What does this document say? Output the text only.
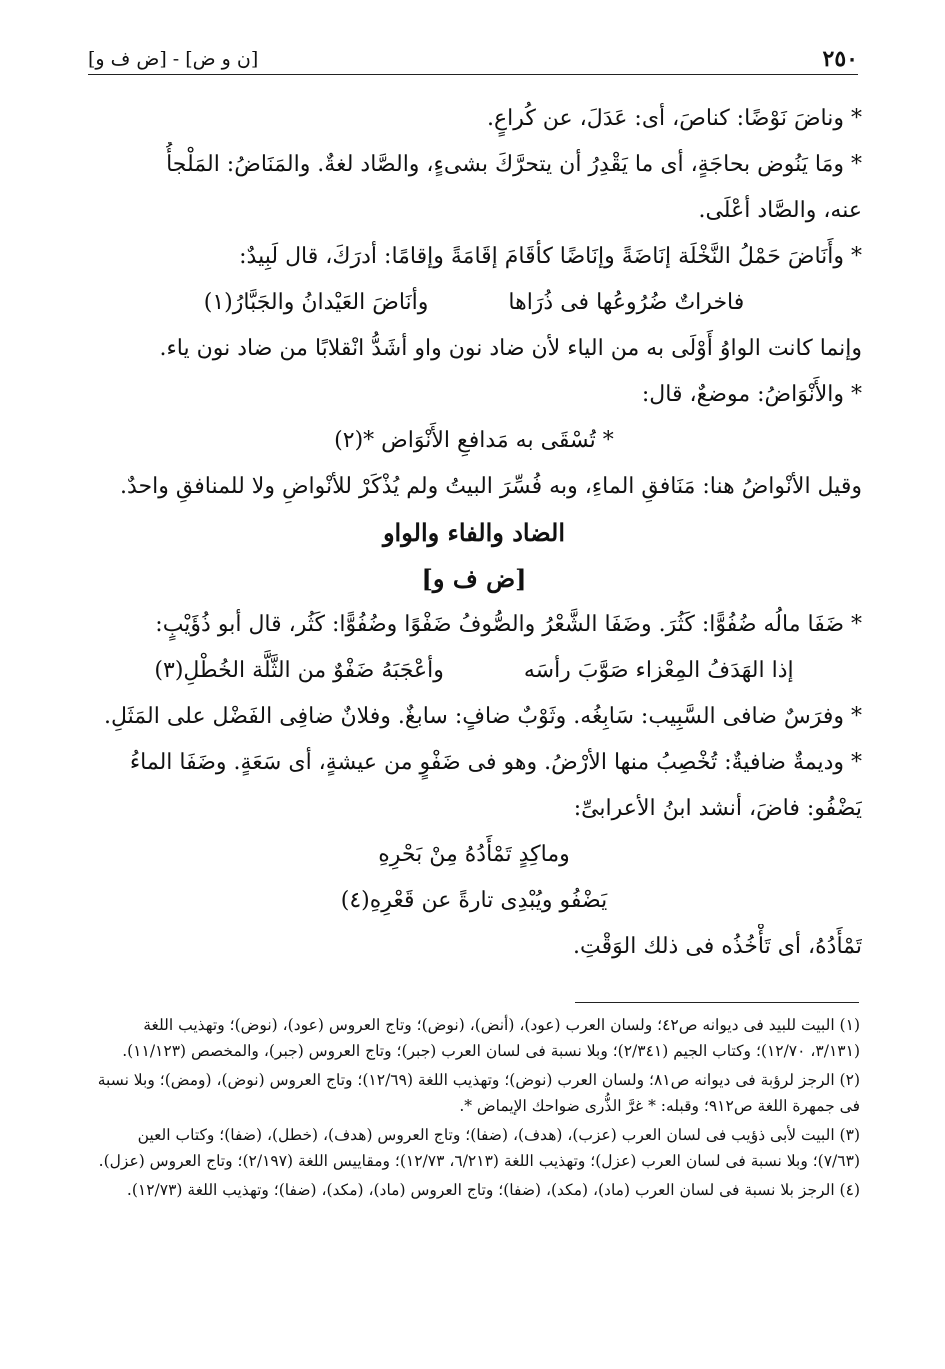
٢٥٠
[ن و ض] - [ض ف و]
* وناضَ نَوْضًا: كناصَ، أى: عَدَلَ، عن كُراعٍ.
* ومَا يَنُوض بحاجَةٍ، أى ما يَقْدِرُ أن يتحرَّكَ بشىءٍ، والصَّاد لغةٌ. والمَنَاضُ: المَلْجأُ
عنه، والصَّاد أعْلَى.
* وأَنَاضَ حَمْلُ النَّخْلَة إنَاضَةً وإنَاضًا كأقَامَ إقَامَةً وإقامًا: أدرَكَ، قال لَبِيدٌ:
فاخراتٌ ضُرُوعُها فى ذُرَاها
وأنَاضَ العَيْدانُ والجَبَّارُ(١)
وإنما كانت الواوُ أَوْلَى به من الياء لأن ضاد نون واو أشَدُّ انْقلابًا من ضاد نون ياء.
* والأَنْوَاضُ: موضعٌ، قال:
* تُسْقَى به مَدافعِ الأَنْوَاض *(٢)
وقيل الأنْواضُ هنا: مَنَافقِ الماءِ، وبه فُسِّرَ البيتُ ولم يُذْكَرْ للأنْواضِ ولا للمنافقِ واحدٌ.
الضاد والفاء والواو
[ض ف و]
* ضَفَا مالُه ضُفُوًّا: كَثُرَ. وضَفَا الشَّعْرُ والصُّوفُ ضَفْوًا وضُفُوًّا: كَثُر، قال أبو ذُؤَيْبٍ:
إذا الهَدَفُ المِعْزاء صَوَّبَ رأسَه
وأعْجَبَهُ ضَفْوٌ من الثَّلَّة الخُطْلِ(٣)
* وفرَسٌ ضافى السَّبِيب: سَابِغُه. وثَوْبٌ ضافٍ: سابغٌ. وفلانٌ ضافِى الفَضْل على المَثَلِ.
* وديمةٌ ضافيةٌ: تُخْصِبُ منها الأرْضُ. وهو فى ضَفْوٍ من عيشةٍ، أى سَعَةٍ. وضَفَا الماءُ
يَضْفُو: فاضَ، أنشد ابنُ الأعرابىِّ:
وماكِدٍ تَمْأَدُهُ مِنْ بَحْرِهِ
يَضْفُو ويُبْدِى تارةً عن قَعْرِهِ(٤)
تَمْأَدُهُ، أى تَأْخُذُه فى ذلك الوَقْتِ.

(١) البيت للبيد فى ديوانه ص٤٢؛ ولسان العرب (عود)، (أنض)، (نوض)؛ وتاج العروس (عود)، (نوض)؛ وتهذيب اللغة (٣/١٣١، ١٢/٧٠)؛ وكتاب الجيم (٢/٣٤١)؛ وبلا نسبة فى لسان العرب (جبر)؛ وتاج العروس (جبر)، والمخصص (١١/١٢٣).

(٢) الرجز لرؤبة فى ديوانه ص٨١؛ ولسان العرب (نوض)؛ وتهذيب اللغة (١٢/٦٩)؛ وتاج العروس (نوض)، (ومض)؛ وبلا نسبة فى جمهرة اللغة ص٩١٢؛ وقبله: * غرَّ الذُّرى ضواحك الإيماض *.

(٣) البيت لأبى ذؤيب فى لسان العرب (عزب)، (هدف)، (ضفا)؛ وتاج العروس (هدف)، (خطل)، (ضفا)؛ وكتاب العين (٧/٦٣)؛ وبلا نسبة فى لسان العرب (عزل)؛ وتهذيب اللغة (٦/٢١٣، ١٢/٧٣)؛ ومقاييس اللغة (٢/١٩٧)؛ وتاج العروس (عزل).

(٤) الرجز بلا نسبة فى لسان العرب (ماد)، (مكد)، (ضفا)؛ وتاج العروس (ماد)، (مكد)، (ضفا)؛ وتهذيب اللغة (١٢/٧٣).
